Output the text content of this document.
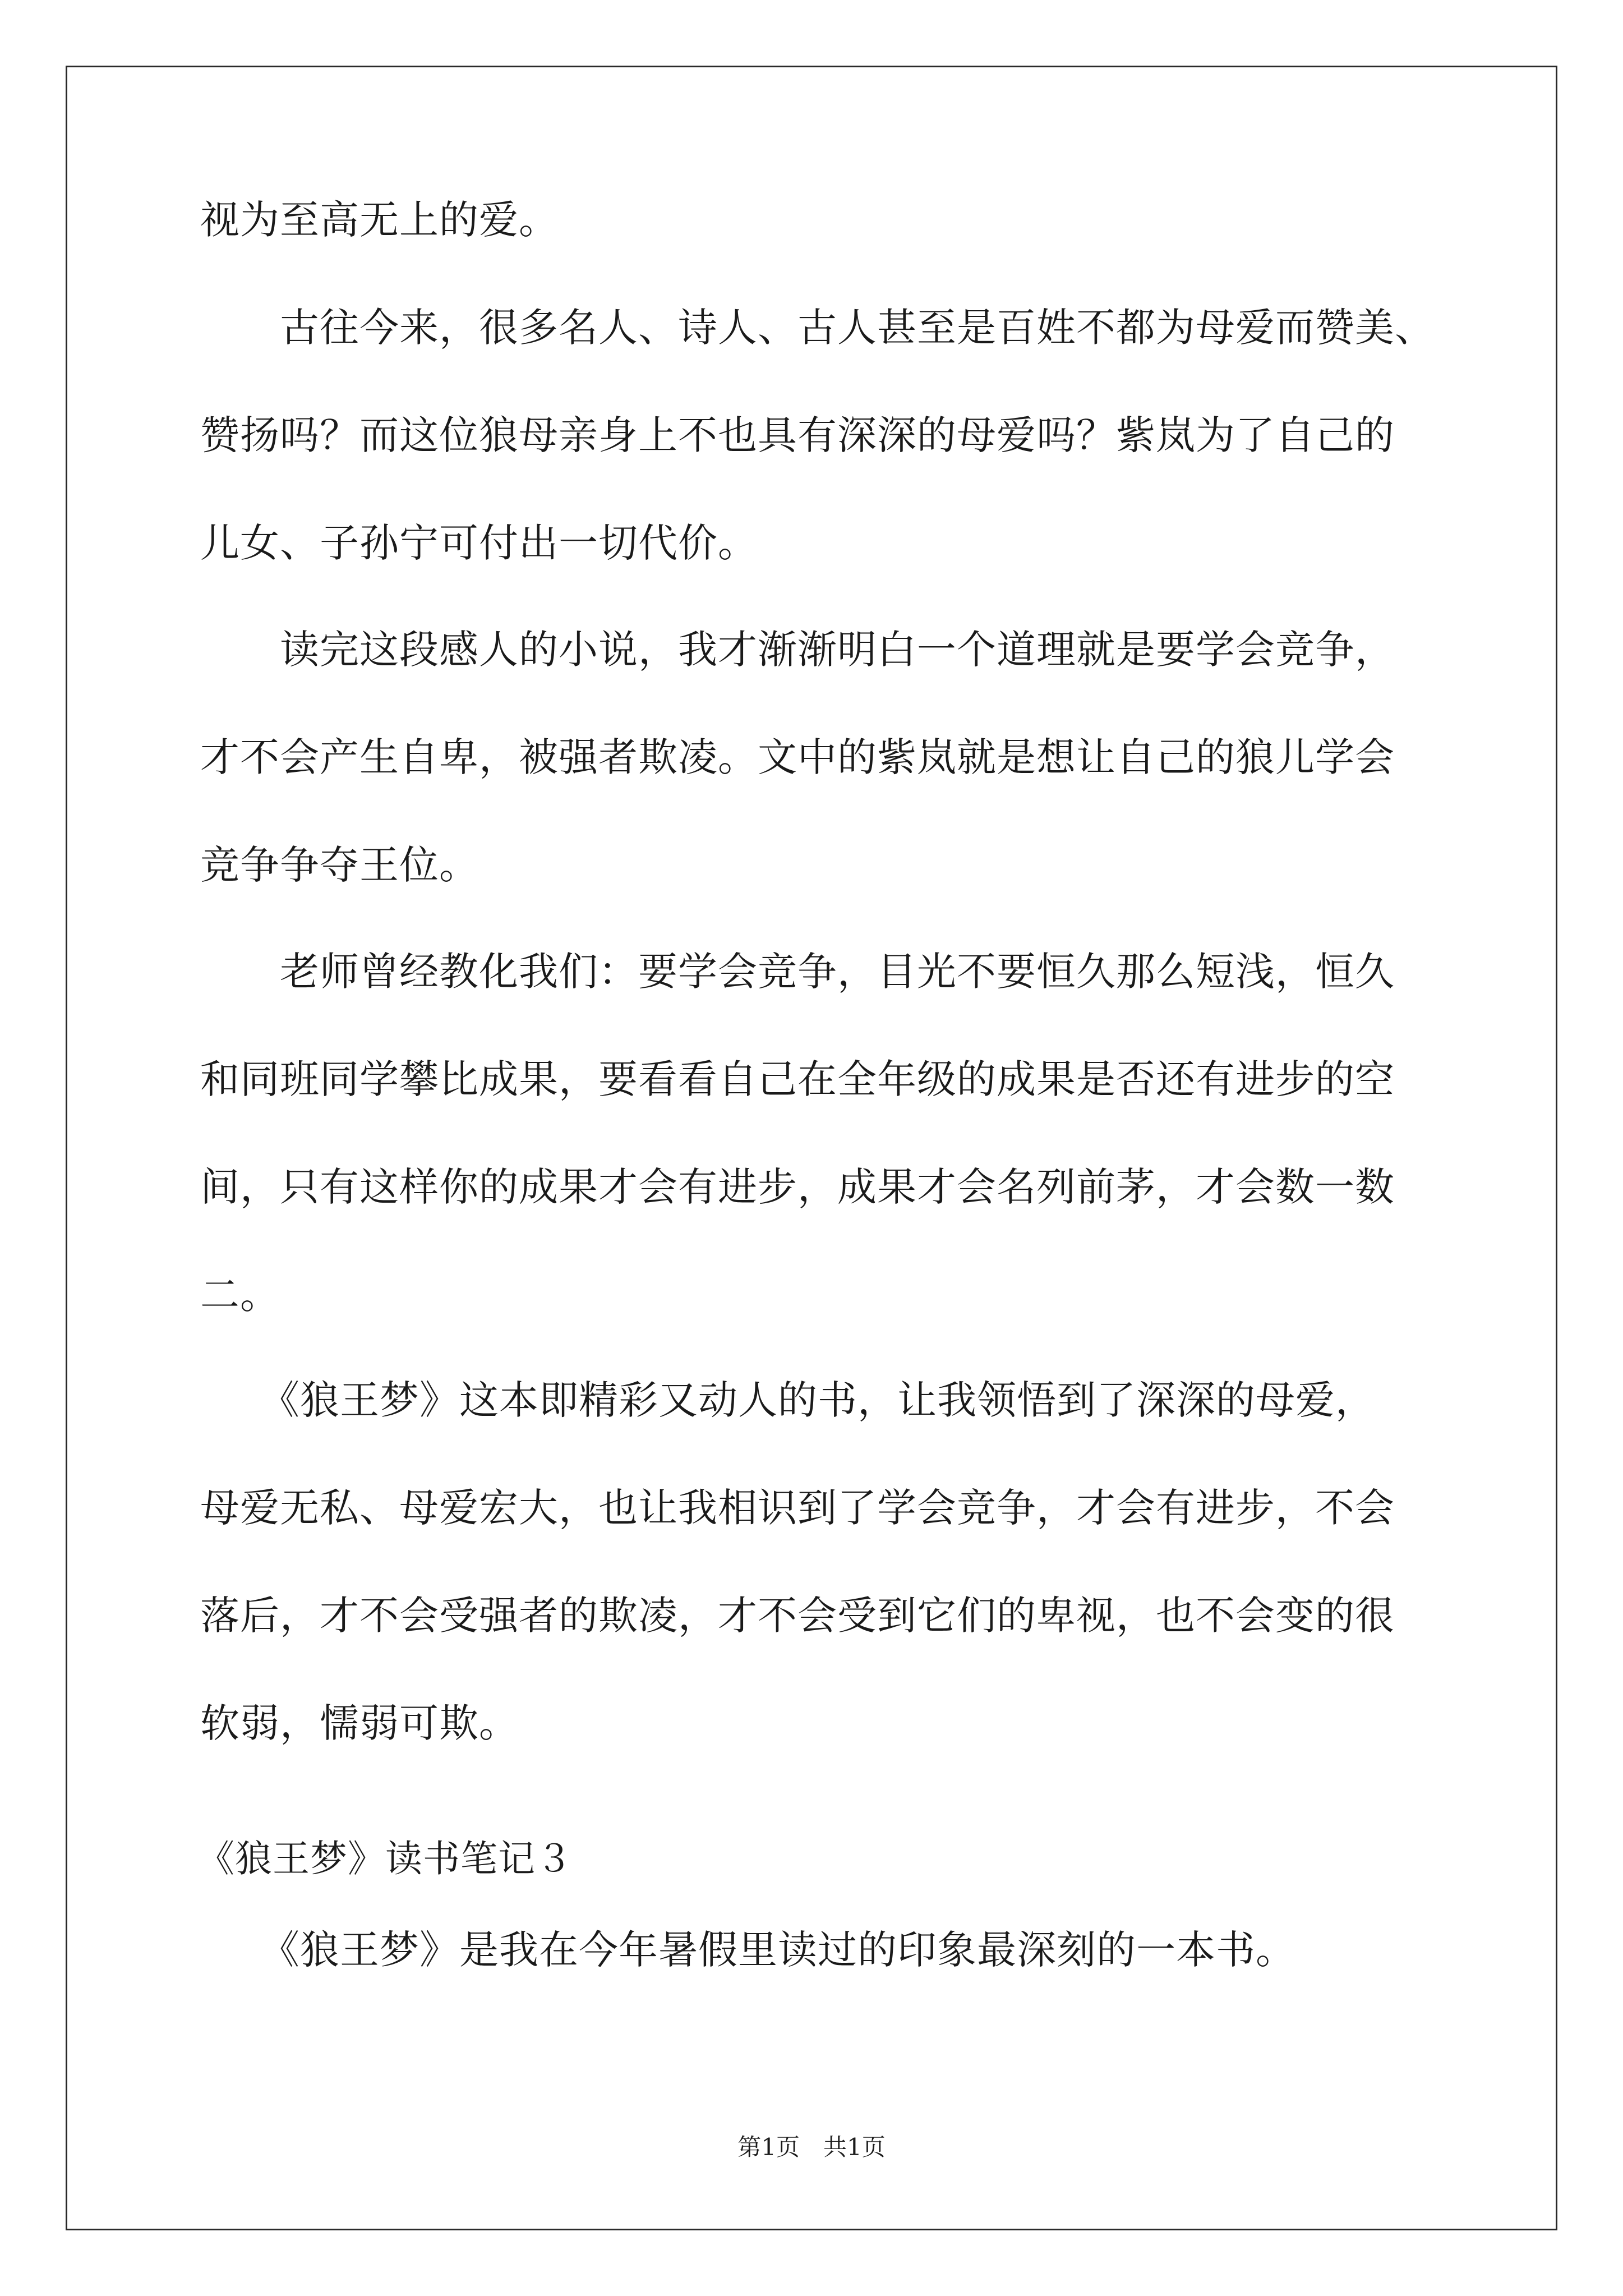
视为至高无上的爱。
　　古往今来，很多名人、诗人、古人甚至是百姓不都为母爱而赞美、
赞扬吗？而这位狼母亲身上不也具有深深的母爱吗？紫岚为了自己的
儿女、子孙宁可付出一切代价。
　　读完这段感人的小说，我才渐渐明白一个道理就是要学会竞争，
才不会产生自卑，被强者欺凌。文中的紫岚就是想让自己的狼儿学会
竞争争夺王位。
　　老师曾经教化我们：要学会竞争，目光不要恒久那么短浅，恒久
和同班同学攀比成果，要看看自己在全年级的成果是否还有进步的空
间，只有这样你的成果才会有进步，成果才会名列前茅，才会数一数
二。
　　《狼王梦》这本即精彩又动人的书，让我领悟到了深深的母爱，
母爱无私、母爱宏大，也让我相识到了学会竞争，才会有进步，不会
落后，才不会受强者的欺凌，才不会受到它们的卑视，也不会变的很
软弱，懦弱可欺。
《狼王梦》读书笔记３
　　《狼王梦》是我在今年暑假里读过的印象最深刻的一本书。
第1页　共1页
